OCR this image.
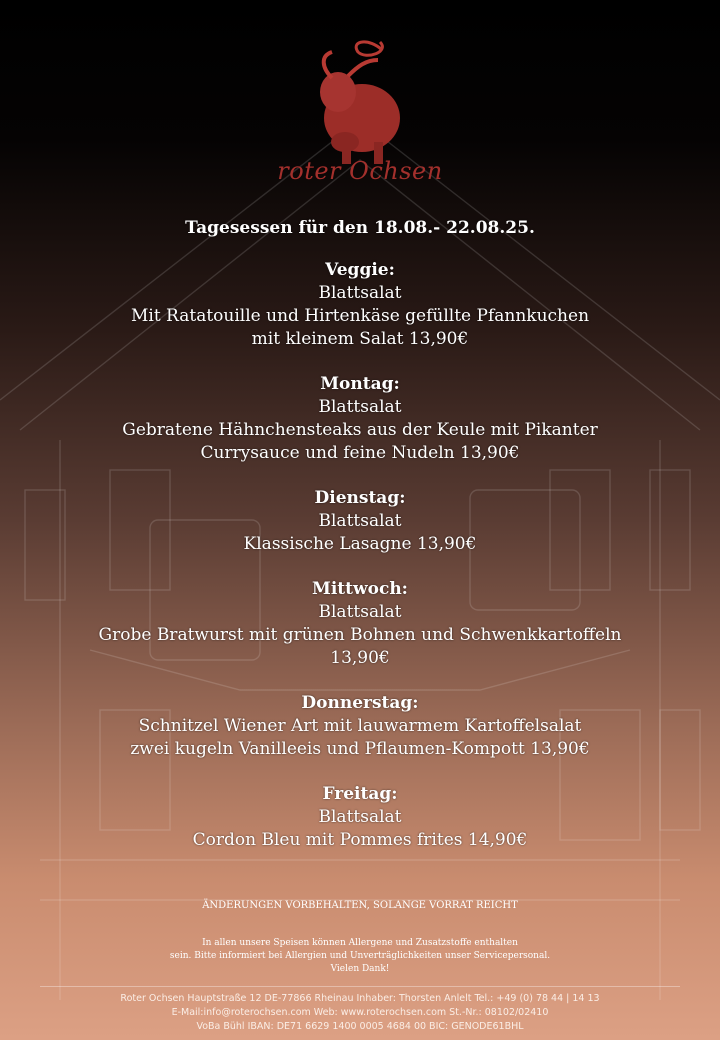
roter Ochsen
Tagesessen für den 18.08.- 22.08.25.
Veggie:
Blattsalat
Mit Ratatouille und Hirtenkäse gefüllte Pfannkuchen
mit kleinem Salat 13,90€
Montag:
Blattsalat
Gebratene Hähnchensteaks aus der Keule mit Pikanter
Currysauce und feine Nudeln 13,90€
Dienstag:
Blattsalat
Klassische Lasagne 13,90€
Mittwoch:
Blattsalat
Grobe Bratwurst mit grünen Bohnen und Schwenkkartoffeln
13,90€
Donnerstag:
Schnitzel Wiener Art mit lauwarmem Kartoffelsalat
zwei kugeln Vanilleeis und Pflaumen-Kompott 13,90€
Freitag:
Blattsalat
Cordon Bleu mit Pommes frites 14,90€
ÄNDERUNGEN VORBEHALTEN, SOLANGE VORRAT REICHT
In allen unsere Speisen können Allergene und Zusatzstoffe enthalten
sein. Bitte informiert bei Allergien und Unverträglichkeiten unser Servicepersonal.
Vielen Dank!
Roter Ochsen Hauptstraße 12 DE-77866 Rheinau Inhaber: Thorsten Anlelt Tel.: +49 (0) 78 44 | 14 13
E-Mail:info@roterochsen.com Web: www.roterochsen.com St.-Nr.: 08102/02410
VoBa Bühl IBAN: DE71 6629 1400 0005 4684 00 BIC: GENODE61BHL
